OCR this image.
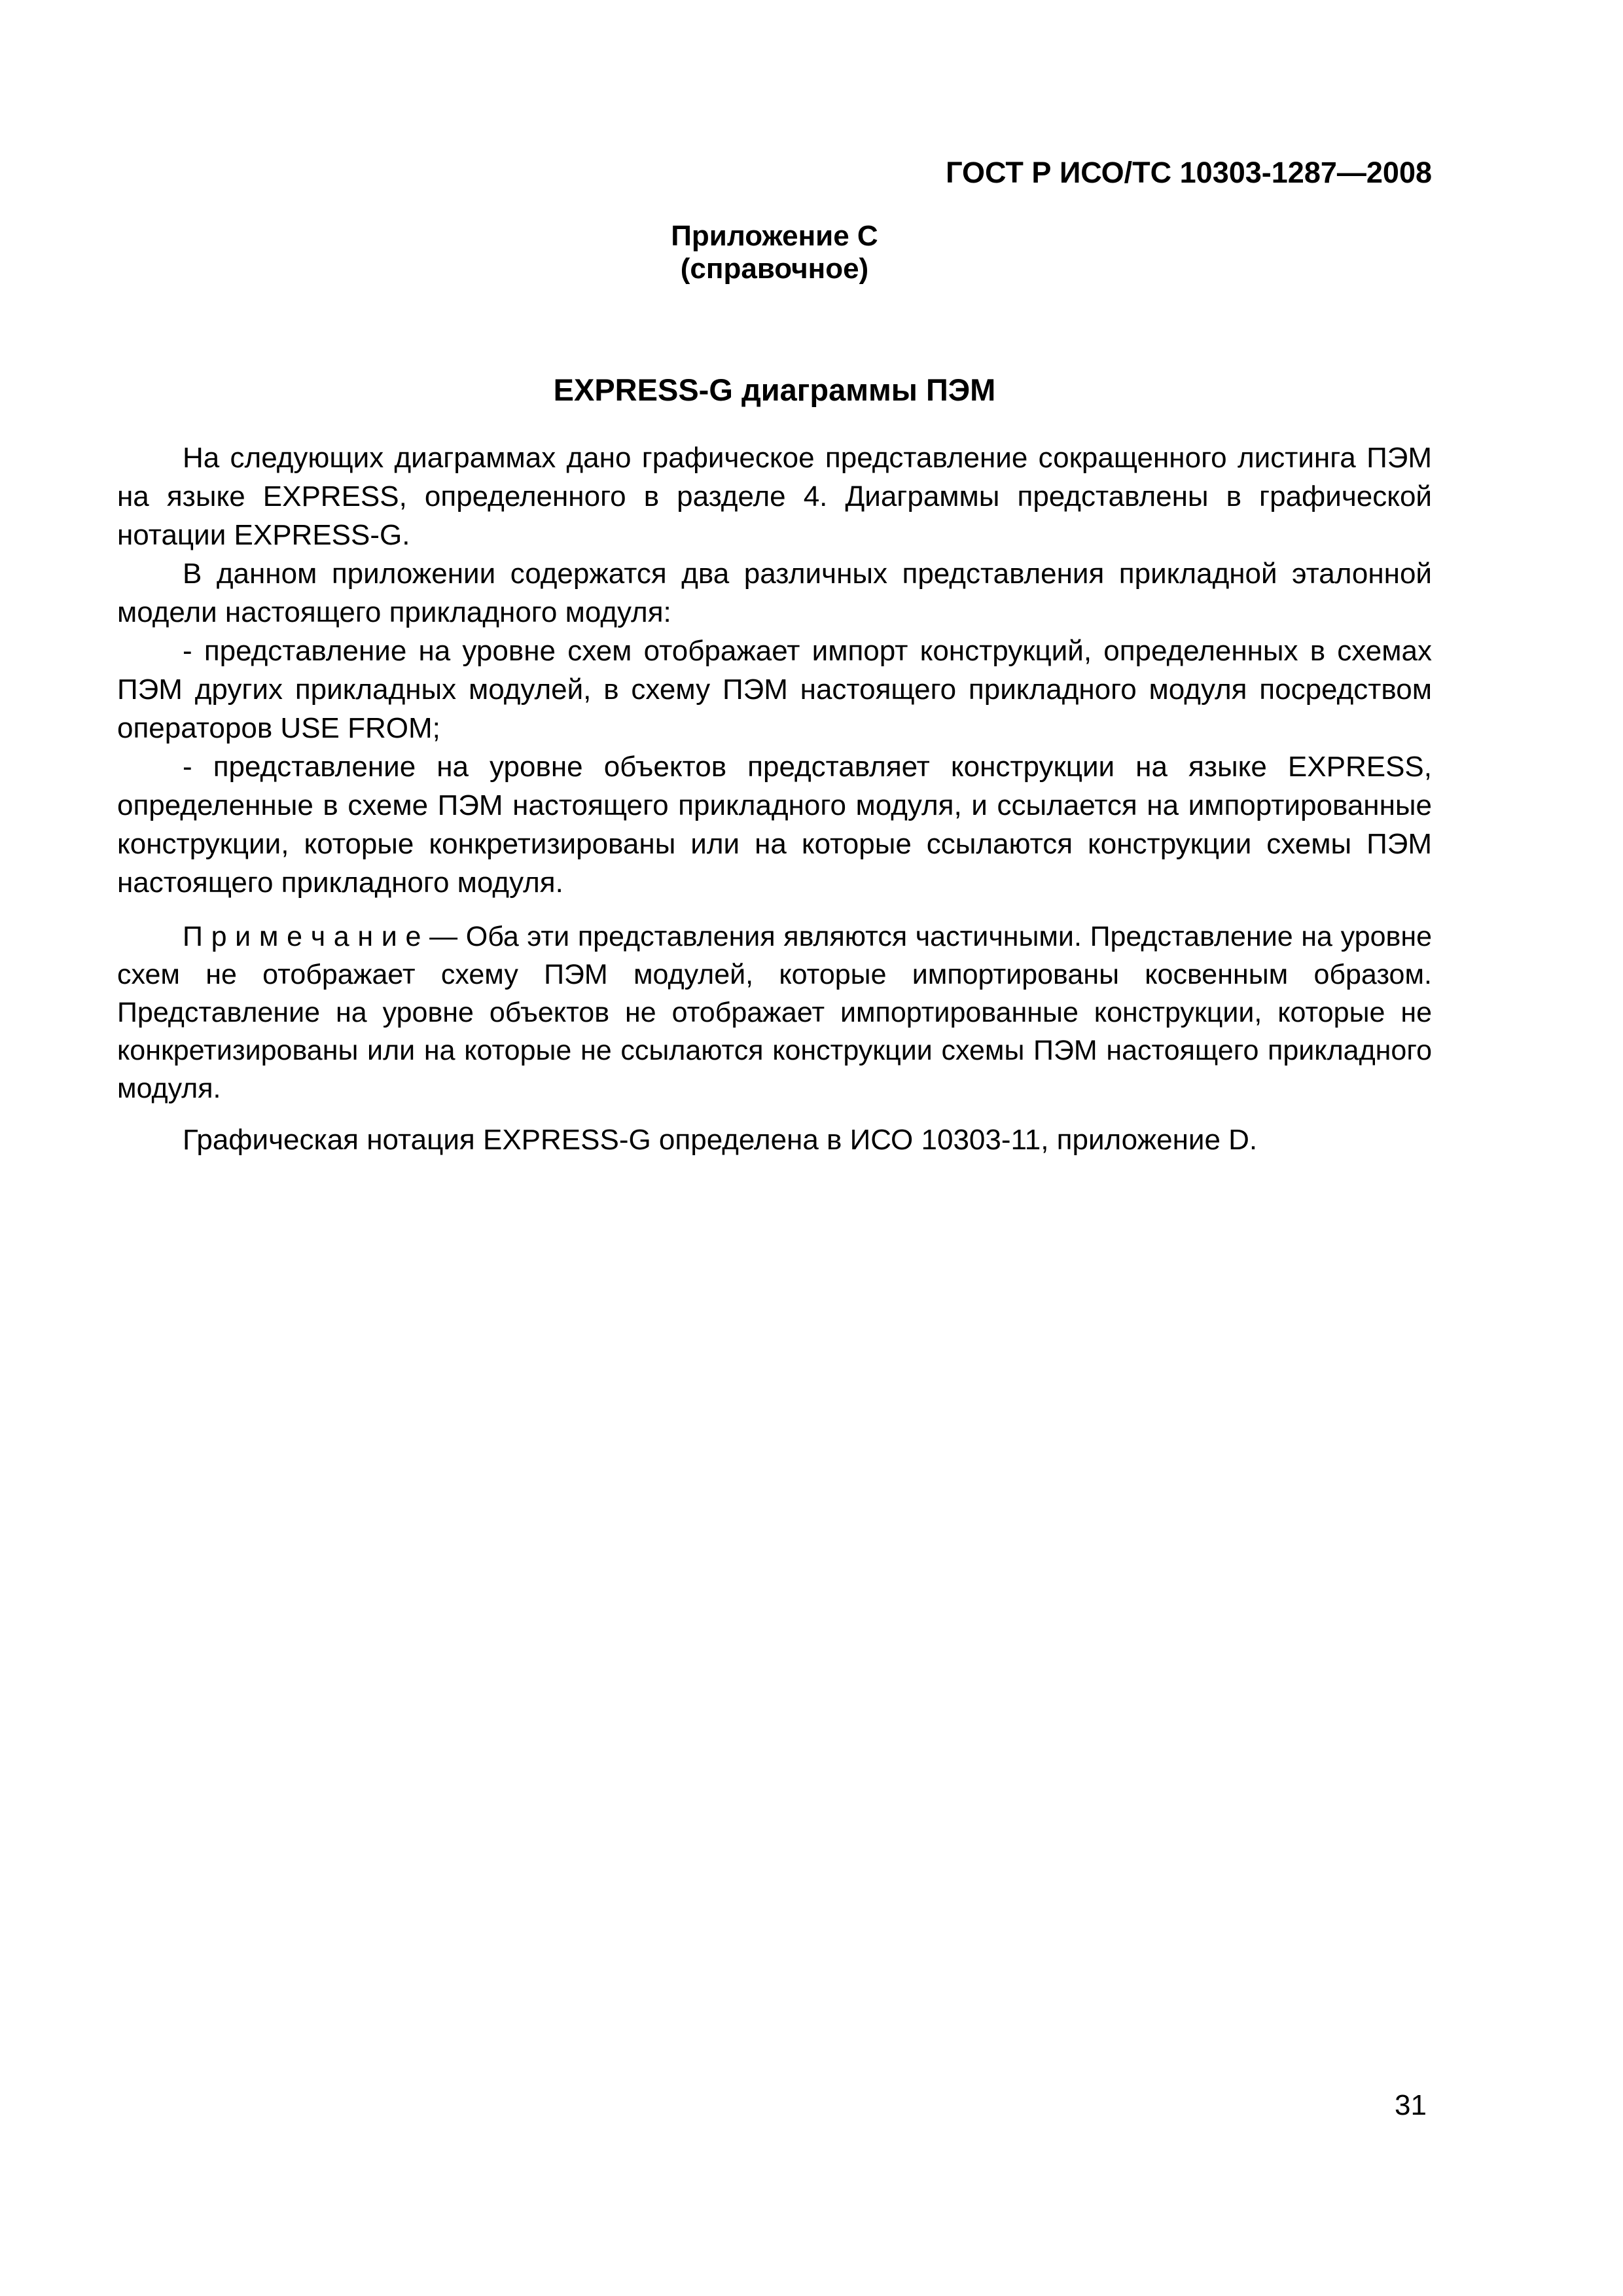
ГОСТ Р ИСО/ТС 10303-1287—2008
Приложение С
(справочное)
EXPRESS-G диаграммы ПЭМ

На следующих диаграммах дано графическое представление сокращенного листинга ПЭМ на языке EXPRESS, определенного в разделе 4. Диаграммы представлены в графической нотации EXPRESS-G.

В данном приложении содержатся два различных представления прикладной эталонной модели настоящего прикладного модуля:

- представление на уровне схем отображает импорт конструкций, определенных в схемах ПЭМ других прикладных модулей, в схему ПЭМ настоящего прикладного модуля посредством операторов USE FROM;

- представление на уровне объектов представляет конструкции на языке EXPRESS, определенные в схеме ПЭМ настоящего прикладного модуля, и ссылается на импортированные конструкции, которые конкретизированы или на которые ссылаются конструкции схемы ПЭМ настоящего прикладного модуля.

П р и м е ч а н и е — Оба эти представления являются частичными. Представление на уровне схем не отображает схему ПЭМ модулей, которые импортированы косвенным образом. Представление на уровне объектов не отображает импортированные конструкции, которые не конкретизированы или на которые не ссылаются конструкции схемы ПЭМ настоящего прикладного модуля.

Графическая нотация EXPRESS-G определена в ИСО 10303-11, приложение D.

31
